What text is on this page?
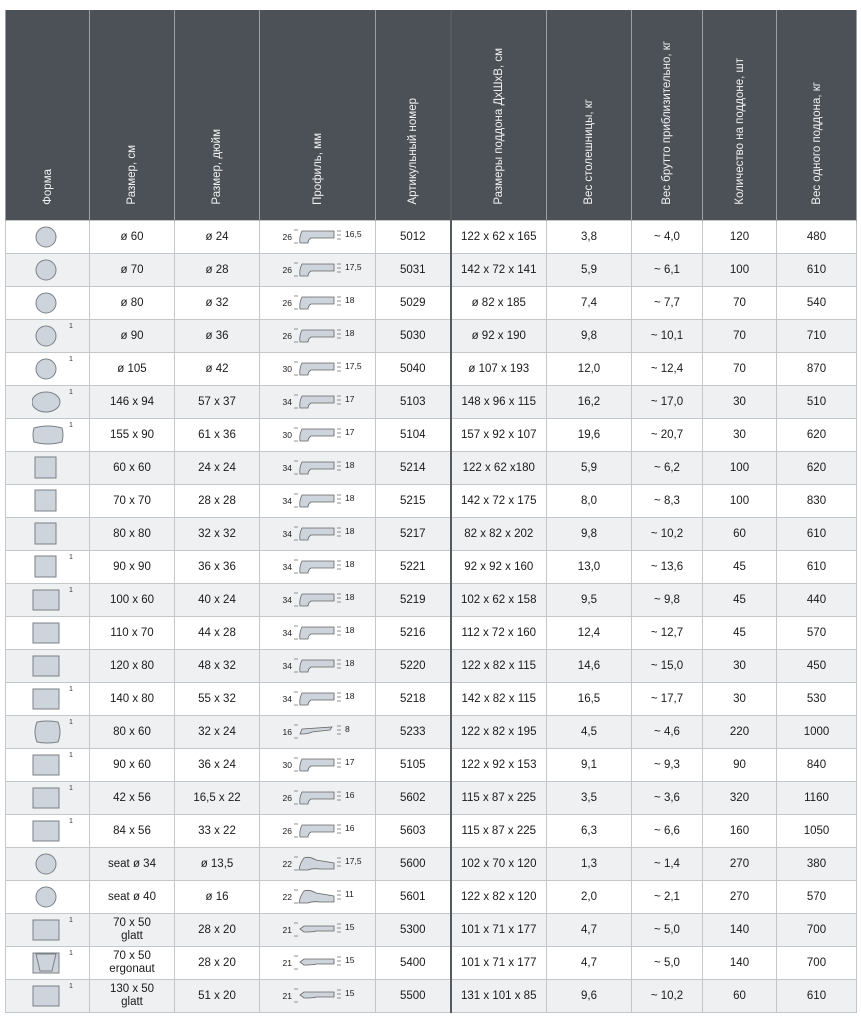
Форма	Размер, см	Размер, дюйм	Профиль, мм	Артикульный номер	Размеры поддона ДхШхВ, см	Вес столешницы, кг	Вес брутто приблизительно, кг	Количество на поддоне, шт	Вес одного поддона, кг

	ø 60	ø 24	26 16,5	5012	122 x 62 x 165	3,8	~ 4,0	120	480

	ø 70	ø 28	26 17,5	5031	142 x 72 x 141	5,9	~ 6,1	100	610

	ø 80	ø 32	26 18	5029	ø 82 x 185	7,4	~ 7,7	70	540

1	ø 90	ø 36	26 18	5030	ø 92 x 190	9,8	~ 10,1	70	710

1	ø 105	ø 42	30 17,5	5040	ø 107 x 193	12,0	~ 12,4	70	870

1	146 x 94	57 x 37	34 17	5103	148 x 96 x 115	16,2	~ 17,0	30	510

1	155 x 90	61 x 36	30 17	5104	157 x 92 x 107	19,6	~ 20,7	30	620

	60 x 60	24 x 24	34 18	5214	122 x 62 x180	5,9	~ 6,2	100	620

	70 x 70	28 x 28	34 18	5215	142 x 72 x 175	8,0	~ 8,3	100	830

	80 x 80	32 x 32	34 18	5217	82 x 82 x 202	9,8	~ 10,2	60	610

1	90 x 90	36 x 36	34 18	5221	92 x 92 x 160	13,0	~ 13,6	45	610

1	100 x 60	40 x 24	34 18	5219	102 x 62 x 158	9,5	~ 9,8	45	440

	110 x 70	44 x 28	34 18	5216	112 x 72 x 160	12,4	~ 12,7	45	570

	120 x 80	48 x 32	34 18	5220	122 x 82 x 115	14,6	~ 15,0	30	450

1	140 x 80	55 x 32	34 18	5218	142 x 82 x 115	16,5	~ 17,7	30	530

1	80 x 60	32 x 24	16 8	5233	122 x 82 x 195	4,5	~ 4,6	220	1000

1	90 x 60	36 x 24	30 17	5105	122 x 92 x 153	9,1	~ 9,3	90	840

1	42 x 56	16,5 x 22	26 16	5602	115 x 87 x 225	3,5	~ 3,6	320	1160

1	84 x 56	33 x 22	26 16	5603	115 x 87 x 225	6,3	~ 6,6	160	1050

	seat ø 34	ø 13,5	22 17,5	5600	102 x 70 x 120	1,3	~ 1,4	270	380

	seat ø 40	ø 16	22 11	5601	122 x 82 x 120	2,0	~ 2,1	270	570

1	70 x 50
glatt	28 x 20	21 15	5300	101 x 71 x 177	4,7	~ 5,0	140	700

1	70 x 50
ergonaut	28 x 20	21 15	5400	101 x 71 x 177	4,7	~ 5,0	140	700

1	130 x 50
glatt	51 x 20	21 15	5500	131 x 101 x 85	9,6	~ 10,2	60	610
